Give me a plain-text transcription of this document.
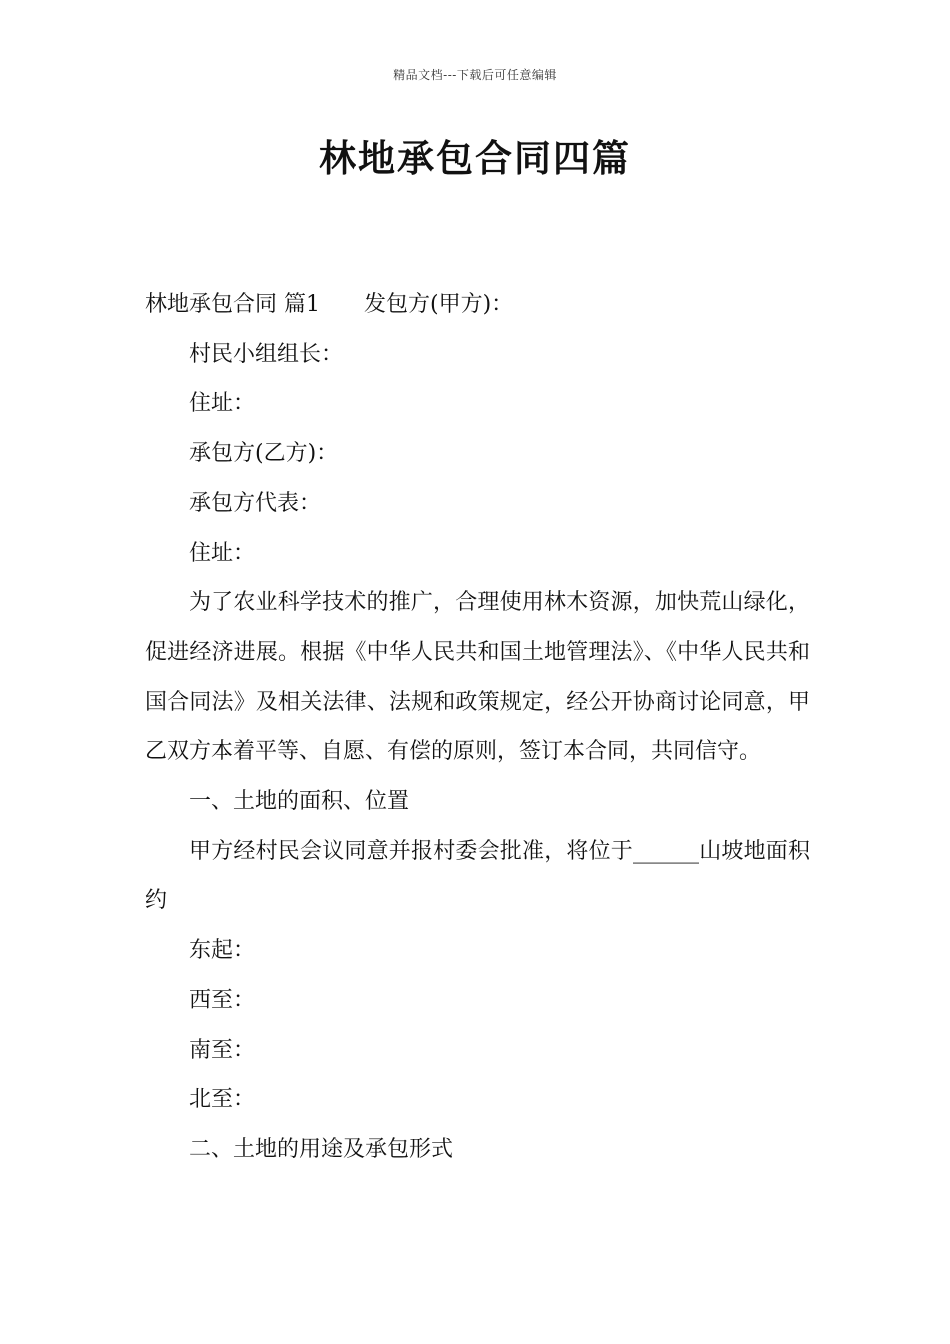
精品文档---下载后可任意编辑
林地承包合同四篇

林地承包合同 篇1 发包方(甲方)：

村民小组组长：

住址：

承包方(乙方)：

承包方代表：

住址：

为了农业科学技术的推广，合理使用林木资源，加快荒山绿化，促进经济进展。根据《中华人民共和国土地管理法》、《中华人民共和国合同法》及相关法律、法规和政策规定，经公开协商讨论同意，甲乙双方本着平等、自愿、有偿的原则，签订本合同，共同信守。

一、土地的面积、位置

甲方经村民会议同意并报村委会批准，将位于______山坡地面积约

东起：

西至：

南至：

北至：

二、土地的用途及承包形式
